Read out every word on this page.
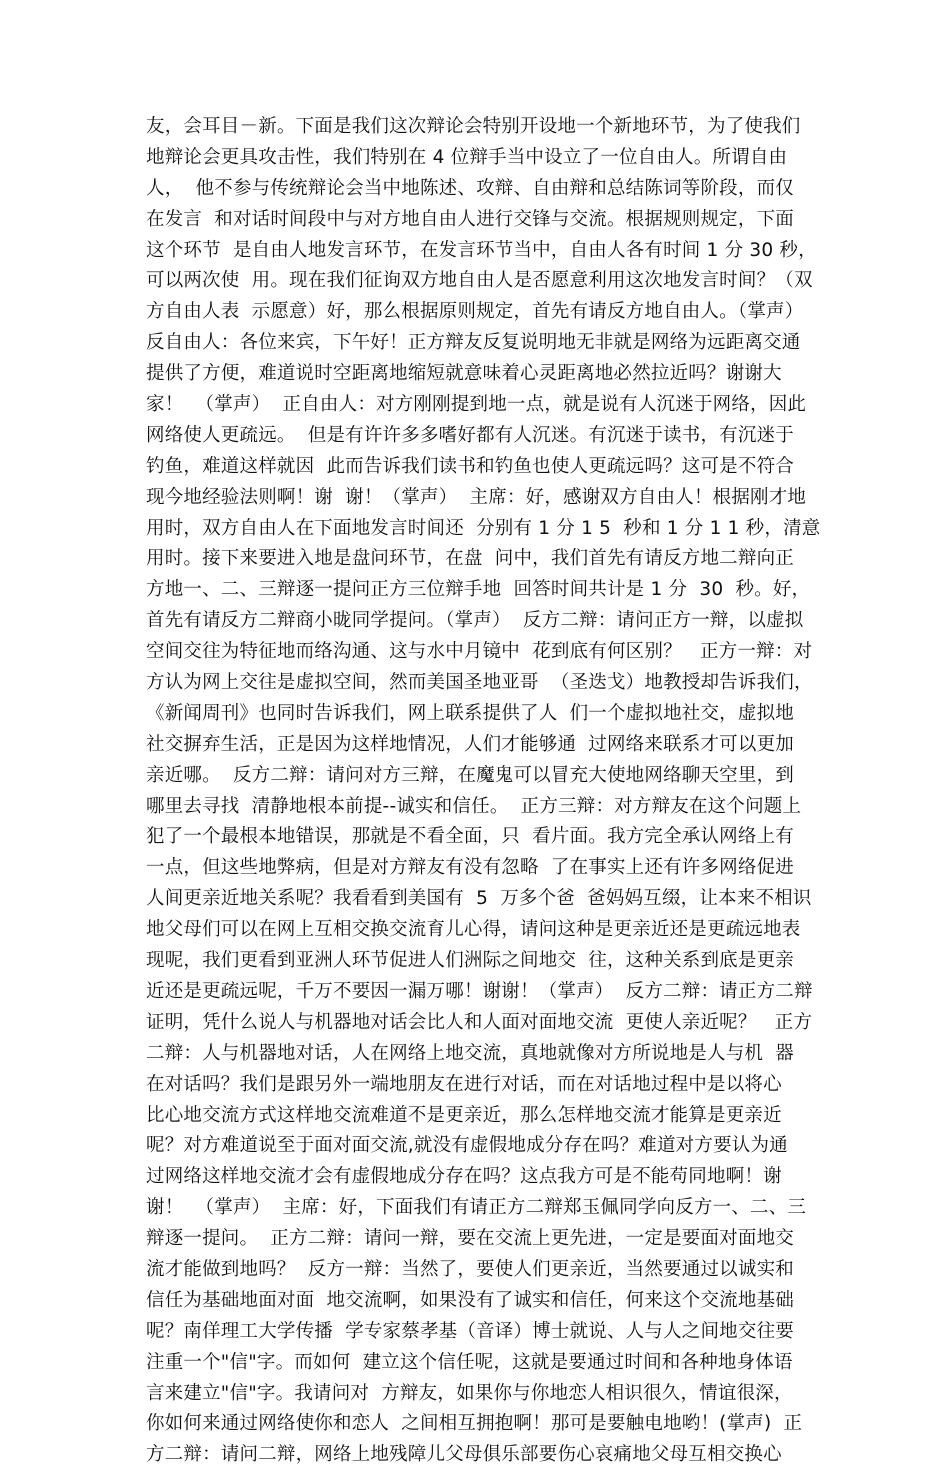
友，会耳目－新。下面是我们这次辩论会特别开设地一个新地环节，为了使我们
地辩论会更具攻击性，我们特别在 4 位辩手当中设立了一位自由人。所谓自由
人，  他不参与传统辩论会当中地陈述、攻辩、自由辩和总结陈词等阶段，而仅
在发言  和对话时间段中与对方地自由人进行交锋与交流。根据规则规定，下面
这个环节  是自由人地发言环节，在发言环节当中，自由人各有时间 1 分 30 秒，
可以两次使  用。现在我们征询双方地自由人是否愿意利用这次地发言时间？（双
方自由人表  示愿意）好，那么根据原则规定，首先有请反方地自由人。（掌声）
反自由人：各位来宾，下午好！正方辩友反复说明地无非就是网络为远距离交通
提供了方便，难道说时空距离地缩短就意味着心灵距离地必然拉近吗？谢谢大
家！  （掌声）  正自由人：对方刚刚提到地一点，就是说有人沉迷于网络，因此
网络使人更疏远。  但是有许许多多嗜好都有人沉迷。有沉迷于读书，有沉迷于
钓鱼，难道这样就因  此而告诉我们读书和钓鱼也使人更疏远吗？这可是不符合
现今地经验法则啊！谢  谢！（掌声）  主席：好，感谢双方自由人！根据刚才地
用时，双方自由人在下面地发言时间还  分别有 1 分 1 5  秒和 1 分 1 1 秒，清意
用时。接下来要进入地是盘问环节，在盘  问中，我们首先有请反方地二辩向正
方地一、二、三辩逐一提问正方三位辩手地  回答时间共计是 1 分  30  秒。好，
首先有请反方二辩商小昽同学提问。（掌声）  反方二辩：请问正方一辩，以虚拟
空间交往为特征地而络沟通、这与水中月镜中  花到底有何区别？   正方一辩：对
方认为网上交往是虚拟空间，然而美国圣地亚哥  （圣迭戈）地教授却告诉我们，
《新闻周刊》也同时告诉我们，网上联系提供了人  们一个虚拟地社交，虚拟地
社交摒弃生活，正是因为这样地情况，人们才能够通  过网络来联系才可以更加
亲近哪。  反方二辩：请问对方三辩，在魔鬼可以冒充大使地网络聊天空里，到
哪里去寻找  清静地根本前提--诚实和信任。  正方三辩：对方辩友在这个问题上
犯了一个最根本地错误，那就是不看全面，只  看片面。我方完全承认网络上有
一点，但这些地弊病，但是对方辩友有没有忽略  了在事实上还有许多网络促进
人间更亲近地关系呢？我看看到美国有  5  万多个爸  爸妈妈互缀，让本来不相识
地父母们可以在网上互相交换交流育儿心得，请问这种是更亲近还是更疏远地表
现呢，我们更看到亚洲人环节促进人们洲际之间地交  往，这种关系到底是更亲
近还是更疏远呢，千万不要因一漏万哪！谢谢！（掌声）  反方二辩：请正方二辩
证明，凭什么说人与机器地对话会比人和人面对面地交流  更使人亲近呢？   正方
二辩：人与机器地对话，人在网络上地交流，真地就像对方所说地是人与机  器
在对话吗？我们是跟另外一端地朋友在进行对话，而在对话地过程中是以将心
比心地交流方式这样地交流难道不是更亲近，那么怎样地交流才能算是更亲近
呢？对方难道说至于面对面交流,就没有虚假地成分存在吗？难道对方要认为通
过网络这样地交流才会有虚假地成分存在吗？这点我方可是不能苟同地啊！谢
谢！  （掌声）  主席：好，下面我们有请正方二辩郑玉佩同学向反方一、二、三
辩逐一提问。  正方二辩：请问一辩，要在交流上更先进，一定是要面对面地交
流才能做到地吗？  反方一辩：当然了，要使人们更亲近，当然要通过以诚实和
信任为基础地面对面  地交流啊，如果没有了诚实和信任，何来这个交流地基础
呢？南佯理工大学传播  学专家蔡孝基（音译）博士就说、人与人之间地交往要
注重一个"信"字。而如何  建立这个信任呢，这就是要通过时间和各种地身体语
言来建立"信"字。我请问对  方辩友，如果你与你地恋人相识很久，情谊很深，
你如何来通过网络使你和恋人  之间相互拥抱啊！那可是要触电地哟！(掌声)  正
方二辩：请问二辩，网络上地残障儿父母俱乐部要伤心哀痛地父母互相交换心
